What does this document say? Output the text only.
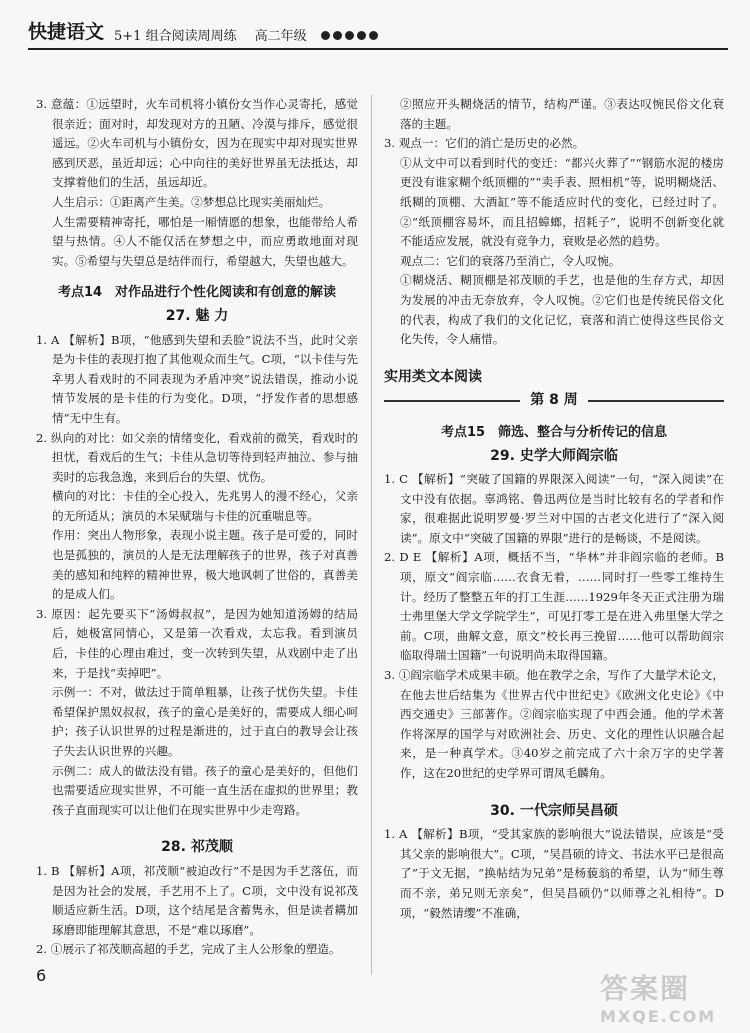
快捷语文 5+1 组合阅读周周练 高二年级

3. 意蕴：①远望时，火车司机将小镇份女当作心灵寄托，感觉很亲近；面对时，却发现对方的丑陋、冷漠与排斥，感觉很遥远。②火车司机与小镇份女，因为在现实中却对现实世界感到厌恶，虽近却远；心中向往的美好世界虽无法抵达，却支撑着他们的生活，虽远却近。

人生启示：①距离产生美。②梦想总比现实美丽灿烂。

人生需要精神寄托，哪怕是一厢情愿的想象，也能带给人希望与热情。④人不能仅活在梦想之中，而应勇敢地面对现实。⑤希望与失望总是结伴而行，希望越大，失望也越大。

考点14　对作品进行个性化阅读和有创意的解读
27. 魅 力

1. A 【解析】B项，“他感到失望和丢脸”说法不当，此时父亲是为卡佳的表现打抱了其他观众而生气。C项，“以卡佳与先후男人看戏时的不同表现为矛盾冲突”说法错误，推动小说情节发展的是卡佳的行为变化。D项，“抒发作者的思想感情”无中生有。

2. 纵向的对比：如父亲的情绪变化，看戏前的微笑，看戏时的担忧，看戏后的生气；卡佳从急切等待到轻声抽泣、参与抽卖时的忘我急逸，来到后台的失望、忧伤。

横向的对比：卡佳的全心投入，先兆男人的漫不经心，父亲的无所适从；演员的木呆赋瑞与卡佳的沉重喘息等。

作用：突出人物形象，表现小说主题。孩子是可爱的，同时也是孤独的，演员的人是无法理解孩子的世界，孩子对真善美的感知和纯粹的精神世界，极大地讽刺了世俗的，真善美的是成人们。

3. 原因：起先要买下“汤姆叔叔”，是因为她知道汤姆的结局后，她极富同情心，又是第一次看戏，太忘我。看到演员后，卡佳的心理由难过，变一次转到失望，从戏剧中走了出来，于是找“卖掉吧”。

示例一：不对，做法过于简单粗暴，让孩子忧伤失望。卡佳希望保护黑奴叔叔，孩子的童心是美好的，需要成人细心呵护；孩子认识世界的过程是渐进的，过于直白的教导会让孩子失去认识世界的兴趣。

示例二：成人的做法没有错。孩子的童心是美好的，但他们也需要适应现实世界，不可能一直生活在虚拟的世界里；教孩子直面现实可以让他们在现实世界中少走弯路。

28. 祁茂顺

1. B 【解析】A项，祁茂顺“被迫改行”不是因为手艺落伍，而是因为社会的发展，手艺用不上了。C项，文中没有说祁茂顺适应新生活。D项，这个结尾是含蓄隽永，但是读者耩加琢磨即能理解其意思，不是“难以琢磨”。

2. ①展示了祁茂顺高超的手艺，完成了主人公形象的塑造。

②照应开头糊烧活的情节，结构严谨。③表达叹惋民俗文化衰落的主题。

3. 观点一：它们的消亡是历史的必然。

①从文中可以看到时代的变迁：“都兴火葬了”“钢筋水泥的楼房更没有谁家糊个纸顶棚的”“卖手表、照相机”等，说明糊烧活、纸糊的顶棚、大酒缸”等不能适应时代的变化，已经过时了。②“纸顶棚容易坏，而且招蟑螂，招耗子”，说明不创新变化就不能适应发展，就没有竞争力，衰败是必然的趋势。

观点二：它们的衰落乃至消亡，令人叹惋。

①糊烧活、糊顶棚是祁茂顺的手艺，也是他的生存方式，却因为发展的冲击无奈放弃，令人叹惋。②它们也是传统民俗文化的代表，构成了我们的文化记忆，衰落和消亡使得这些民俗文化失传，令人痛惜。

实用类文本阅读
第 8 周
考点15　筛选、整合与分析传记的信息
29. 史学大师阎宗临

1. C 【解析】“突破了国籍的界限深入阅读”一句，“深入阅读”在文中没有依据。辜鸿铭、鲁迅两位是当时比较有名的学者和作家，很难据此说明罗曼·罗兰对中国的古老文化进行了“深入阅读”。原文中“突破了国籍的界限”进行的是畅谈，不是阅读。

2. D E 【解析】A项，概括不当，“华林”并非阎宗临的老师。B项，原文“阎宗临……衣食无着，……同时打一些零工维持生计。经历了整整五年的打工生涯……1929年冬天正式注册为瑞士弗里堡大学文学院学生”，可见打零工是在进入弗里堡大学之前。C项，曲解文意，原文“校长再三挽留……他可以帮助阎宗临取得瑞士国籍”一句说明尚未取得国籍。

3. ①阎宗临学术成果丰硕。他在教学之余，写作了大量学术论文，在他去世后结集为《世界古代中世纪史》《欧洲文化史论》《中西交通史》三部著作。②阎宗临实现了中西会通。他的学术著作将深厚的国学与对欧洲社会、历史、文化的理性认识融合起来，是一种真学术。③40岁之前完成了六十余万字的史学著作，这在20世纪的史学界可谓凤毛麟角。

30. 一代宗师吴昌硕

1. A 【解析】B项，“受其家族的影响很大”说法错误，应该是“受其父亲的影响很大”。C项，“吴昌硕的诗文、书法水平已是很高了”于文无据，“换帖结为兄弟”是杨藐翁的希望，认为“师生尊而不亲，弟兄则无亲矣”，但吴昌硕仍“以师尊之礼相待”。D项，“毅然请缨”不准确，

6	答案圈
MXQE.COM
